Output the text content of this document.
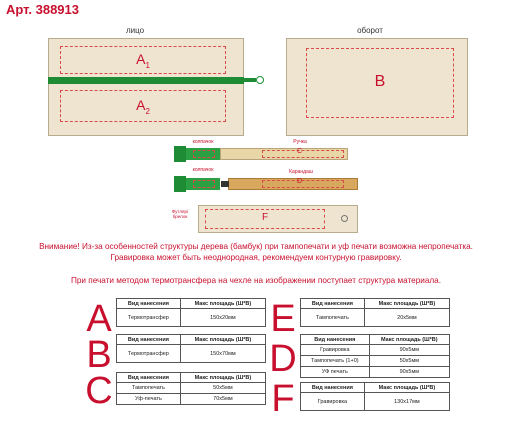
Арт. 388913
лицо	оборот
$A_1$
$A_2$
B
колпачок	Ручка
C
колпачок	Карандаш
D
Футляр/брелок	F
Внимание! Из-за особенностей структуры дерева (бамбук) при тампопечати и уф печати возможна непропечатка.
Гравировка может быть неоднородная, рекомендуем контурную гравировку.
При печати методом термотрансфера на чехле на изображении поступает структура материала.
A	Вид нанесения	Макс площадь (Ш*В)
Термотрансфер	150x20мм
B	Вид нанесения	Макс площадь (Ш*В)
Термотрансфер	150x70мм
C	Вид нанесения	Макс площадь (Ш*В)
Тампопечать	50x5мм
Уф-печать	70x5мм
E	Вид нанесения	Макс площадь (Ш*В)
Тампопечать	20x5мм
D	Вид нанесения	Макс площадь (Ш*В)
Гравировка	90x5мм
Тампопечать (1+0)	50x5мм
УФ печать	90x5мм
F	Вид нанесения	Макс площадь (Ш*В)
Гравировка	130x17мм
